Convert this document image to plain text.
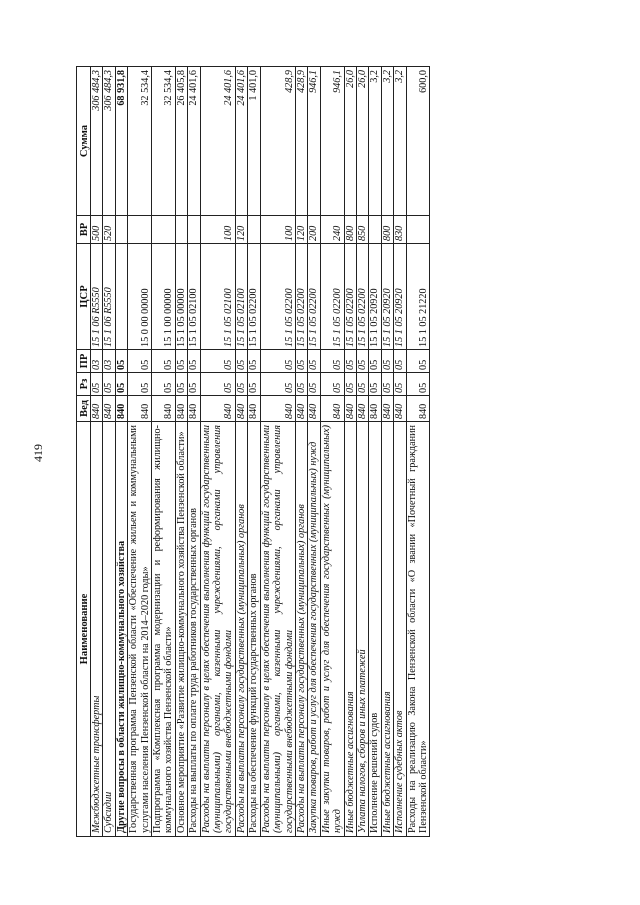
419
Наименование	Вед	Рз	ПР	ЦСР	ВР	Сумма
Межбюджетные трансферты	840	05	03	15 1 06 R5550	500	306 484,3
Субсидии	840	05	03	15 1 06 R5550	520	306 484,3
Другие вопросы в области жилищно-коммунального хозяйства	840	05	05			68 931,8
Государственная программа Пензенской области «Обеспечение жильем и коммунальными услугами населения Пензенской области на 2014–2020 годы»	840	05	05	15 0 00 00000		32 534,4
Подпрограмма «Комплексная программа модернизации и реформирования жилищно-коммунального хозяйства Пензенской области»	840	05	05	15 1 00 00000		32 534,4
Основное мероприятие «Развитие жилищно-коммунального хозяйства Пензенской области»	840	05	05	15 1 05 00000		26 405,8
Расходы на выплаты по оплате труда работников государственных органов	840	05	05	15 1 05 02100		24 401,6
Расходы на выплаты персоналу в целях обеспечения выполнения функций государственными (муниципальными) органами, казенными учреждениями, органами управления государственными внебюджетными фондами	840	05	05	15 1 05 02100	100	24 401,6
Расходы на выплаты персоналу государственных (муниципальных) органов	840	05	05	15 1 05 02100	120	24 401,6
Расходы на обеспечение функций государственных органов	840	05	05	15 1 05 02200		1 401,0
Расходы на выплаты персоналу в целях обеспечения выполнения функций государственными (муниципальными) органами, казенными учреждениями, органами управления государственными внебюджетными фондами	840	05	05	15 1 05 02200	100	428,9
Расходы на выплаты персоналу государственных (муниципальных) органов	840	05	05	15 1 05 02200	120	428,9
Закупка товаров, работ и услуг для обеспечения государственных (муниципальных) нужд	840	05	05	15 1 05 02200	200	946,1
Иные закупки товаров, работ и услуг для обеспечения государственных (муниципальных) нужд	840	05	05	15 1 05 02200	240	946,1
Иные бюджетные ассигнования	840	05	05	15 1 05 02200	800	26,0
Уплата налогов, сборов и иных платежей	840	05	05	15 1 05 02200	850	26,0
Исполнение решений судов	840	05	05	15 1 05 20920		3,2
Иные бюджетные ассигнования	840	05	05	15 1 05 20920	800	3,2
Исполнение судебных актов	840	05	05	15 1 05 20920	830	3,2
Расходы на реализацию Закона Пензенской области «О звании «Почетный гражданин Пензенской области»	840	05	05	15 1 05 21220		600,0
